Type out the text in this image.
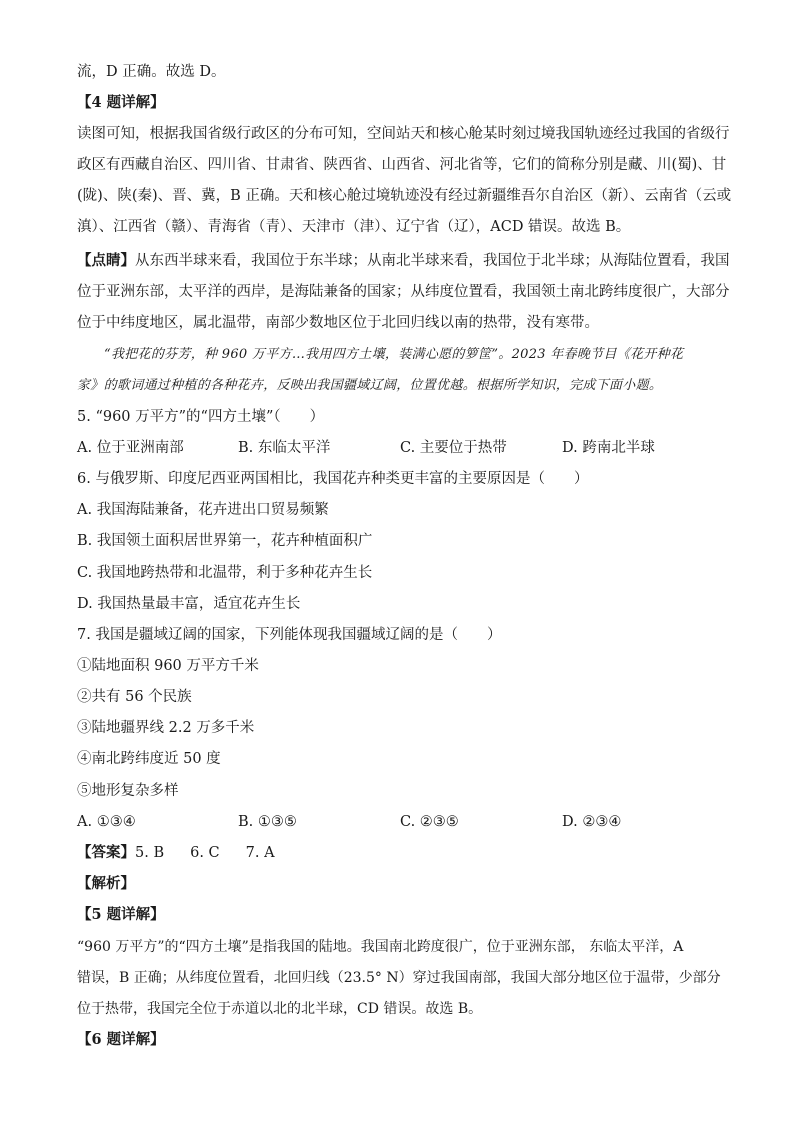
流，D 正确。故选 D。
【4 题详解】
读图可知，根据我国省级行政区的分布可知，空间站天和核心舱某时刻过境我国轨迹经过我国的省级行
政区有西藏自治区、四川省、甘肃省、陕西省、山西省、河北省等，它们的简称分别是藏、川(蜀)、甘
(陇)、陕(秦)、晋、冀，B 正确。天和核心舱过境轨迹没有经过新疆维吾尔自治区（新）、云南省（云或
滇）、江西省（赣）、青海省（青）、天津市（津）、辽宁省（辽），ACD 错误。故选 B。
【点睛】从东西半球来看，我国位于东半球；从南北半球来看，我国位于北半球；从海陆位置看，我国
位于亚洲东部，太平洋的西岸，是海陆兼备的国家；从纬度位置看，我国领土南北跨纬度很广，大部分
位于中纬度地区，属北温带，南部少数地区位于北回归线以南的热带，没有寒带。
“我把花的芬芳，种 960 万平方…我用四方土壤，装满心愿的箩筐”。2023 年春晚节目《花开种花
家》的歌词通过种植的各种花卉，反映出我国疆域辽阔，位置优越。根据所学知识，完成下面小题。
5. “960 万平方”的“四方土壤”（　　）
A. 位于亚洲南部	B. 东临太平洋	C. 主要位于热带	D. 跨南北半球
6. 与俄罗斯、印度尼西亚两国相比，我国花卉种类更丰富的主要原因是（　　）
A. 我国海陆兼备，花卉进出口贸易频繁
B. 我国领土面积居世界第一，花卉种植面积广
C. 我国地跨热带和北温带，利于多种花卉生长
D. 我国热量最丰富，适宜花卉生长
7. 我国是疆域辽阔的国家，下列能体现我国疆域辽阔的是（　　）
①陆地面积 960 万平方千米
②共有 56 个民族
③陆地疆界线 2.2 万多千米
④南北跨纬度近 50 度
⑤地形复杂多样
A. ①③④	B. ①③⑤	C. ②③⑤	D. ②③④
【答案】5. B 6. C 7. A
【解析】
【5 题详解】
“960 万平方”的“四方土壤”是指我国的陆地。我国南北跨度很广，位于亚洲东部， 东临太平洋，A
错误，B 正确；从纬度位置看，北回归线（23.5° N）穿过我国南部，我国大部分地区位于温带，少部分
位于热带，我国完全位于赤道以北的北半球，CD 错误。故选 B。
【6 题详解】
